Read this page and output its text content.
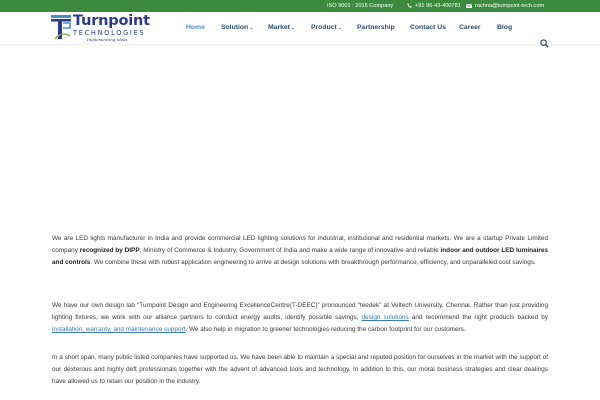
ISO 9001 : 2015 Company	+91 96-43-400781	rachna@turnpoint-tech.com
Turnpoint
TECHNOLOGIES
Implementing Ideas
Home Solution⌄ Market⌄ Product⌄ Partnership Contact Us Career Blog
We are LED lights manufacturer in India and provide commercial LED lighting solutions for industrial, institutional and residential markets. We are a startup Private Limited company recognized by DIPP, Ministry of Commerce & Industry, Government of India and make a wide range of innovative and reliable indoor and outdoor LED luminaires and controls. We combine these with robust application engineering to arrive at design solutions with breakthrough performance, efficiency, and unparalleled cost savings.
We have our own design lab “Turnpoint Design and Engineering ExcellenceCentre(T-DEEC)” pronounced “teedek” at Veltech University, Chennai. Rather than just providing lighting fixtures, we work with our alliance partners to conduct energy audits, identify possible savings, design solutions and recommend the right products backed by installation, warranty, and maintenance support. We also help in migration to greener technologies reducing the carbon footprint for our customers.
In a short span, many public listed companies have supported us. We have been able to maintain a special and reputed position for ourselves in the market with the support of our dexterous and highly deft professionals together with the advent of advanced tools and technology. In addition to this, our moral business strategies and clear dealings have allowed us to retain our position in the industry.
